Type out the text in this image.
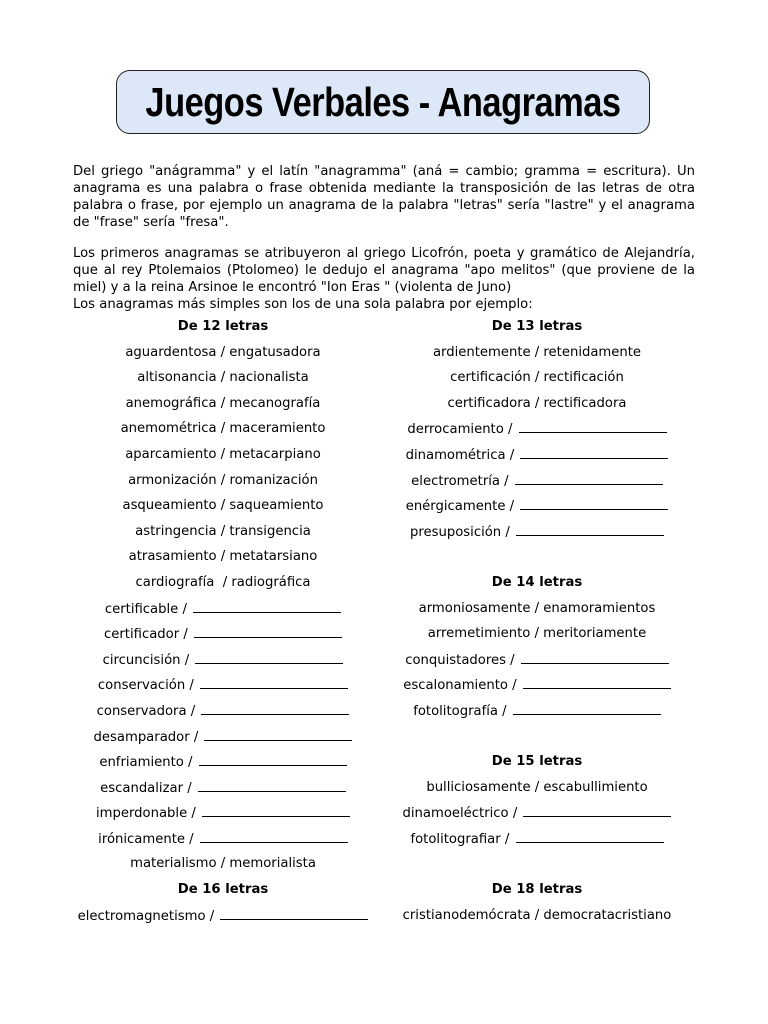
Juegos Verbales - Anagramas

Del griego "anágramma" y el latín "anagramma" (aná = cambio; gramma = escritura). Un anagrama es una palabra o frase obtenida mediante la transposición de las letras de otra palabra o frase, por ejemplo un anagrama de la palabra "letras" sería "lastre" y el anagrama de "frase" sería "fresa".

Los primeros anagramas se atribuyeron al griego Licofrón, poeta y gramático de Alejandría, que al rey Ptolemaios (Ptolomeo) le dedujo el anagrama "apo melitos" (que proviene de la miel) y a la reina Arsinoe le encontró "Ion Eras " (violenta de Juno)
Los anagramas más simples son los de una sola palabra por ejemplo:
De 12 letras
aguardentosa / engatusadora
altisonancia / nacionalista
anemográfica / mecanografía
anemométrica / maceramiento
aparcamiento / metacarpiano
armonización / romanización
asqueamiento / saqueamiento
astringencia / transigencia
atrasamiento / metatarsiano
cardiografía  / radiográfica
certificable /
certificador /
circuncisión /
conservación /
conservadora /
desamparador /
enfriamiento /
escandalizar /
imperdonable /
irónicamente /
materialismo / memorialista
De 16 letras
electromagnetismo /
De 13 letras
ardientemente / retenidamente
certificación / rectificación
certificadora / rectificadora
derrocamiento /
dinamométrica /
electrometría /
enérgicamente /
presuposición /

De 14 letras
armoniosamente / enamoramientos
arremetimiento / meritoriamente
conquistadores /
escalonamiento /
fotolitografía /

De 15 letras
bulliciosamente / escabullimiento
dinamoeléctrico /
fotolitografiar /

De 18 letras
cristianodemócrata / democratacristiano
